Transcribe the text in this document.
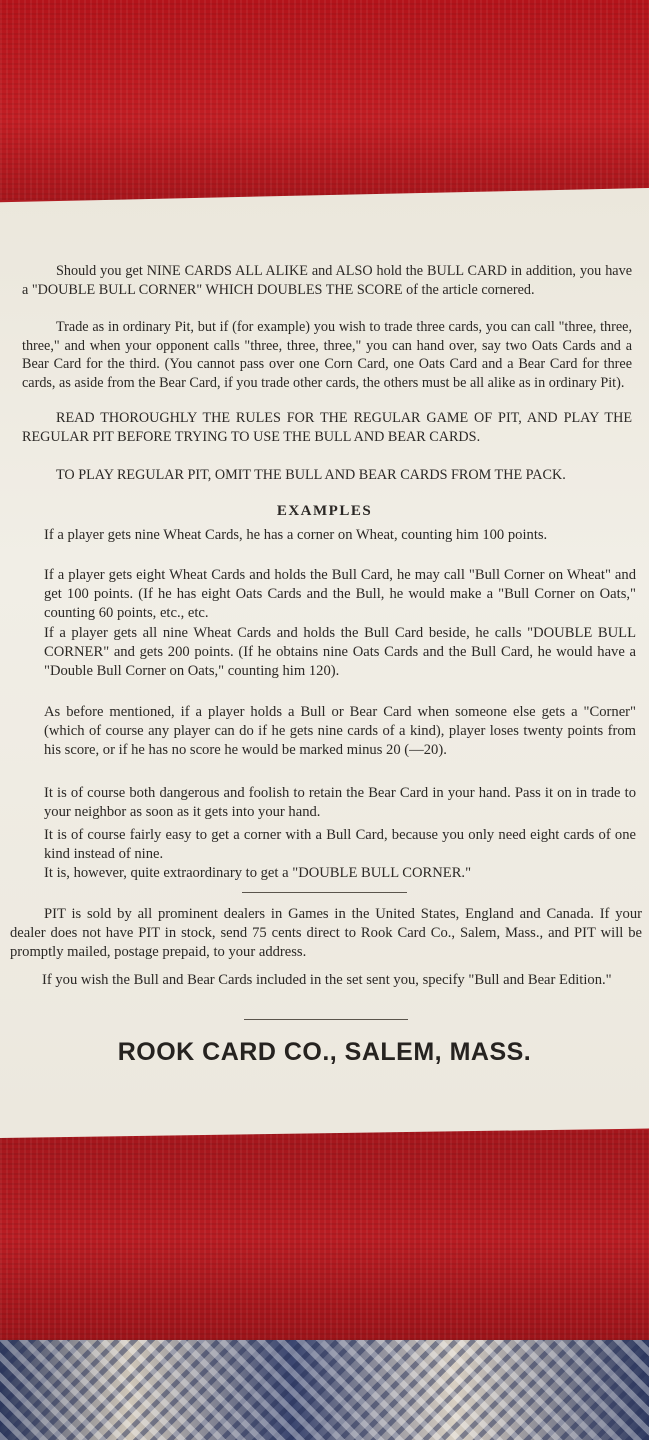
Should you get NINE CARDS ALL ALIKE and ALSO hold the BULL CARD in addition, you have a "DOUBLE BULL CORNER" WHICH DOUBLES THE SCORE of the article cornered.
Trade as in ordinary Pit, but if (for example) you wish to trade three cards, you can call "three, three, three," and when your opponent calls "three, three, three," you can hand over, say two Oats Cards and a Bear Card for the third. (You cannot pass over one Corn Card, one Oats Card and a Bear Card for three cards, as aside from the Bear Card, if you trade other cards, the others must be all alike as in ordinary Pit).
READ THOROUGHLY THE RULES FOR THE REGULAR GAME OF PIT, AND PLAY THE REGULAR PIT BEFORE TRYING TO USE THE BULL AND BEAR CARDS.
TO PLAY REGULAR PIT, OMIT THE BULL AND BEAR CARDS FROM THE PACK.
EXAMPLES
If a player gets nine Wheat Cards, he has a corner on Wheat, counting him 100 points.
If a player gets eight Wheat Cards and holds the Bull Card, he may call "Bull Corner on Wheat" and get 100 points. (If he has eight Oats Cards and the Bull, he would make a "Bull Corner on Oats," counting 60 points, etc., etc.
If a player gets all nine Wheat Cards and holds the Bull Card beside, he calls "DOUBLE BULL CORNER" and gets 200 points. (If he obtains nine Oats Cards and the Bull Card, he would have a "Double Bull Corner on Oats," counting him 120).
As before mentioned, if a player holds a Bull or Bear Card when someone else gets a "Corner" (which of course any player can do if he gets nine cards of a kind), player loses twenty points from his score, or if he has no score he would be marked minus 20 (—20).
It is of course both dangerous and foolish to retain the Bear Card in your hand. Pass it on in trade to your neighbor as soon as it gets into your hand.
It is of course fairly easy to get a corner with a Bull Card, because you only need eight cards of one kind instead of nine.
It is, however, quite extraordinary to get a "DOUBLE BULL CORNER."
PIT is sold by all prominent dealers in Games in the United States, England and Canada. If your dealer does not have PIT in stock, send 75 cents direct to Rook Card Co., Salem, Mass., and PIT will be promptly mailed, postage prepaid, to your address.
If you wish the Bull and Bear Cards included in the set sent you, specify "Bull and Bear Edition."
ROOK CARD CO., SALEM, MASS.
